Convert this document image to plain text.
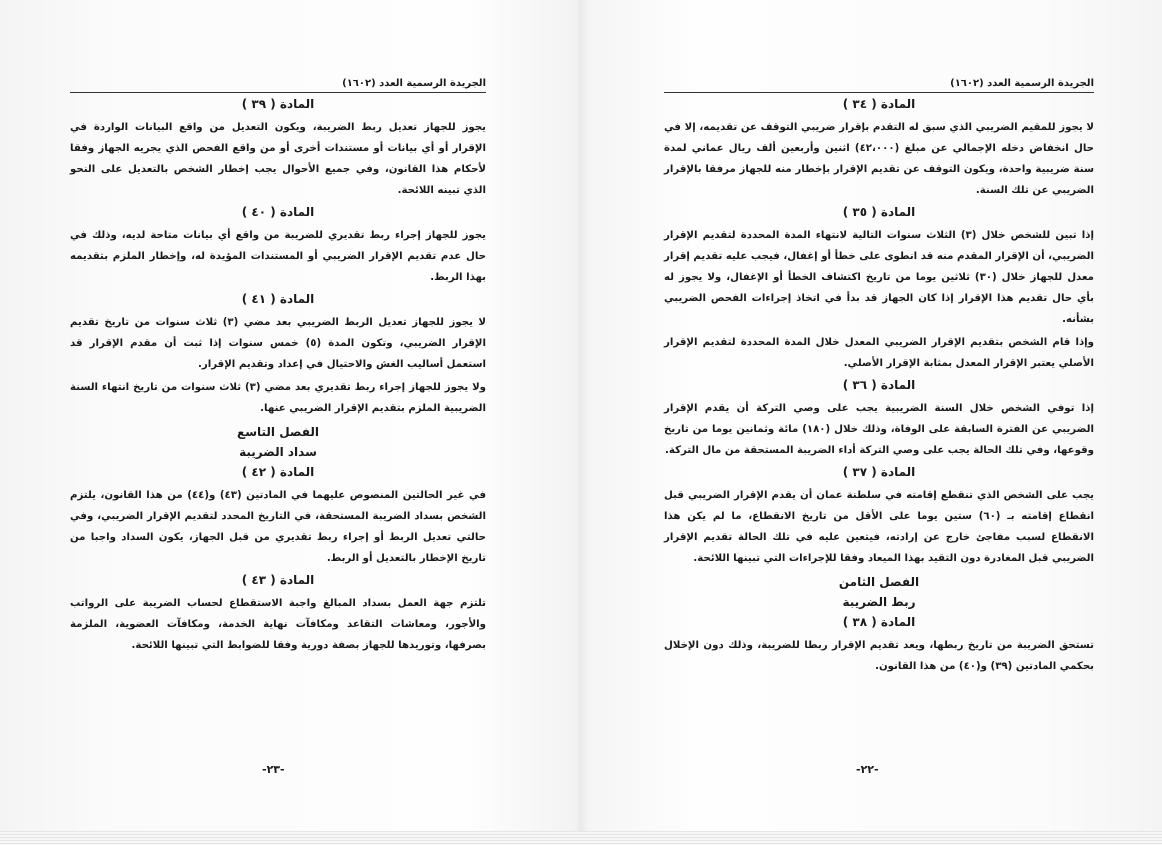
الجريدة الرسمية العدد (١٦٠٢)
المادة ( ٣٩ )
يجوز للجهاز تعديل ربط الضريبة، ويكون التعديل من واقع البيانات الواردة في الإقرار أو أي بيانات أو مستندات أخرى أو من واقع الفحص الذي يجريه الجهاز وفقا لأحكام هذا القانون، وفي جميع الأحوال يجب إخطار الشخص بالتعديل على النحو الذي تبينه اللائحة.
المادة ( ٤٠ )
يجوز للجهاز إجراء ربط تقديري للضريبة من واقع أي بيانات متاحة لديه، وذلك في حال عدم تقديم الإقرار الضريبي أو المستندات المؤيدة له، وإخطار الملزم بتقديمه بهذا الربط.
المادة ( ٤١ )
لا يجوز للجهاز تعديل الربط الضريبي بعد مضي (٣) ثلاث سنوات من تاريخ تقديم الإقرار الضريبي، وتكون المدة (٥) خمس سنوات إذا ثبت أن مقدم الإقرار قد استعمل أساليب الغش والاحتيال في إعداد وتقديم الإقرار.
ولا يجوز للجهاز إجراء ربط تقديري بعد مضي (٣) ثلاث سنوات من تاريخ انتهاء السنة الضريبية الملزم بتقديم الإقرار الضريبي عنها.
الفصل التاسع
سداد الضريبة
المادة ( ٤٢ )
في غير الحالتين المنصوص عليهما في المادتين (٤٣) و(٤٤) من هذا القانون، يلتزم الشخص بسداد الضريبة المستحقة، في التاريخ المحدد لتقديم الإقرار الضريبي، وفي حالتي تعديل الربط أو إجراء ربط تقديري من قبل الجهاز، يكون السداد واجبا من تاريخ الإخطار بالتعديل أو الربط.
المادة ( ٤٣ )
تلتزم جهة العمل بسداد المبالغ واجبة الاستقطاع لحساب الضريبة على الرواتب والأجور، ومعاشات التقاعد ومكافآت نهاية الخدمة، ومكافآت العضوية، الملزمة بصرفها، وتوريدها للجهاز بصفة دورية وفقا للضوابط التي تبينها اللائحة.
الجريدة الرسمية العدد (١٦٠٢)
المادة ( ٣٤ )
لا يجوز للمقيم الضريبي الذي سبق له التقدم بإقرار ضريبي التوقف عن تقديمه، إلا في حال انخفاض دخله الإجمالي عن مبلغ (٤٢،٠٠٠) اثنين وأربعين ألف ريال عماني لمدة سنة ضريبية واحدة، ويكون التوقف عن تقديم الإقرار بإخطار منه للجهاز مرفقا بالإقرار الضريبي عن تلك السنة.
المادة ( ٣٥ )
إذا تبين للشخص خلال (٣) الثلاث سنوات التالية لانتهاء المدة المحددة لتقديم الإقرار الضريبي، أن الإقرار المقدم منه قد انطوى على خطأ أو إغفال، فيجب عليه تقديم إقرار معدل للجهاز خلال (٣٠) ثلاثين يوما من تاريخ اكتشاف الخطأ أو الإغفال، ولا يجوز له بأي حال تقديم هذا الإقرار إذا كان الجهاز قد بدأ في اتخاذ إجراءات الفحص الضريبي بشأنه.
وإذا قام الشخص بتقديم الإقرار الضريبي المعدل خلال المدة المحددة لتقديم الإقرار الأصلي يعتبر الإقرار المعدل بمثابة الإقرار الأصلي.
المادة ( ٣٦ )
إذا توفي الشخص خلال السنة الضريبية يجب على وصي التركة أن يقدم الإقرار الضريبي عن الفترة السابقة على الوفاة، وذلك خلال (١٨٠) مائة وثمانين يوما من تاريخ وقوعها، وفي تلك الحالة يجب على وصي التركة أداء الضريبة المستحقة من مال التركة.
المادة ( ٣٧ )
يجب على الشخص الذي تنقطع إقامته في سلطنة عمان أن يقدم الإقرار الضريبي قبل انقطاع إقامته بـ (٦٠) ستين يوما على الأقل من تاريخ الانقطاع، ما لم يكن هذا الانقطاع لسبب مفاجئ خارج عن إرادته، فيتعين عليه في تلك الحالة تقديم الإقرار الضريبي قبل المغادرة دون التقيد بهذا الميعاد وفقا للإجراءات التي تبينها اللائحة.
الفصل الثامن
ربط الضريبة
المادة ( ٣٨ )
تستحق الضريبة من تاريخ ربطها، ويعد تقديم الإقرار ربطا للضريبة، وذلك دون الإخلال بحكمي المادتين (٣٩) و(٤٠) من هذا القانون.
-٢٣-	-٢٢-
